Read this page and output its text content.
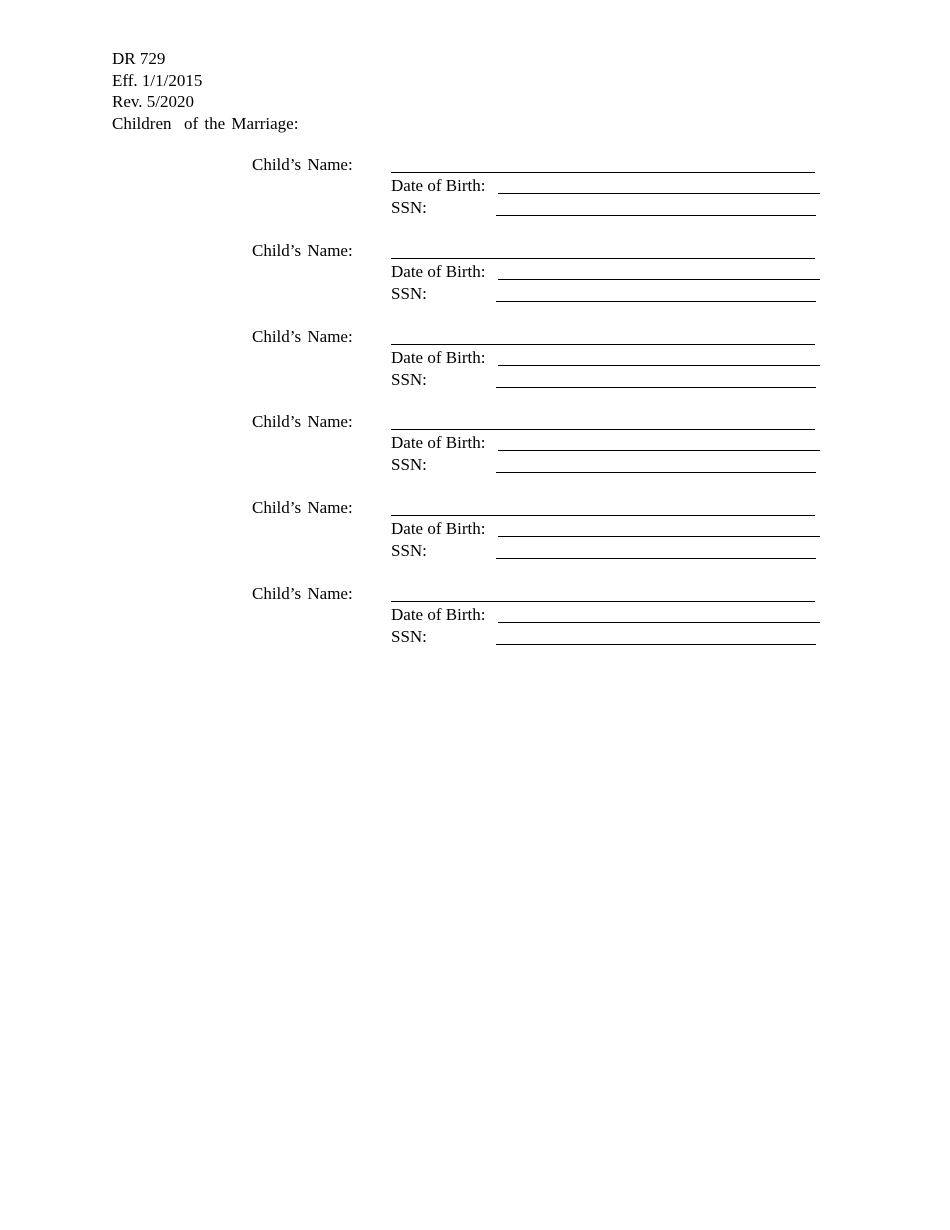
DR 729
Eff. 1/1/2015
Rev. 5/2020
Children  of the Marriage:
Child’s Name:
Date of Birth:
SSN:
Child’s Name:
Date of Birth:
SSN:
Child’s Name:
Date of Birth:
SSN:
Child’s Name:
Date of Birth:
SSN:
Child’s Name:
Date of Birth:
SSN:
Child’s Name:
Date of Birth:
SSN:
